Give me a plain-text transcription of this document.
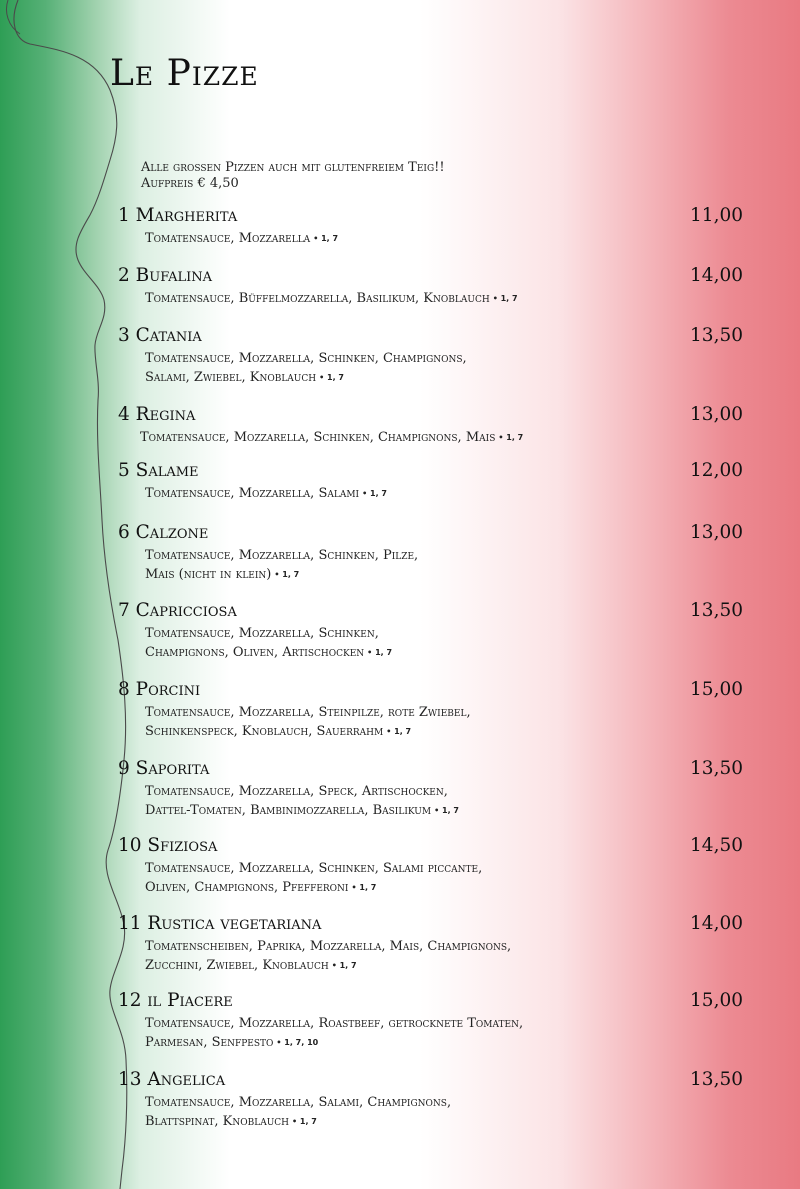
Le Pizze
Alle grossen Pizzen auch mit glutenfreiem Teig!!
Aufpreis € 4,50
1 Margherita	11,00
Tomatensauce, Mozzarella • 1, 7
2 Bufalina	14,00
Tomatensauce, Büffelmozzarella, Basilikum, Knoblauch • 1, 7
3 Catania	13,50
Tomatensauce, Mozzarella, Schinken, Champignons,
Salami, Zwiebel, Knoblauch • 1, 7
4 Regina	13,00
Tomatensauce, Mozzarella, Schinken, Champignons, Mais • 1, 7
5 Salame	12,00
Tomatensauce, Mozzarella, Salami • 1, 7
6 Calzone	13,00
Tomatensauce, Mozzarella, Schinken, Pilze,
Mais (nicht in klein) • 1, 7
7 Capricciosa	13,50
Tomatensauce, Mozzarella, Schinken,
Champignons, Oliven, Artischocken • 1, 7
8 Porcini	15,00
Tomatensauce, Mozzarella, Steinpilze, rote Zwiebel,
Schinkenspeck, Knoblauch, Sauerrahm • 1, 7
9 Saporita	13,50
Tomatensauce, Mozzarella, Speck, Artischocken,
Dattel-Tomaten, Bambinimozzarella, Basilikum • 1, 7
10 Sfiziosa	14,50
Tomatensauce, Mozzarella, Schinken, Salami piccante,
Oliven, Champignons, Pfefferoni • 1, 7
11 Rustica vegetariana	14,00
Tomatenscheiben, Paprika, Mozzarella, Mais, Champignons,
Zucchini, Zwiebel, Knoblauch • 1, 7
12 il Piacere	15,00
Tomatensauce, Mozzarella, Roastbeef, getrocknete Tomaten,
Parmesan, Senfpesto • 1, 7, 10
13 Angelica	13,50
Tomatensauce, Mozzarella, Salami, Champignons,
Blattspinat, Knoblauch • 1, 7
